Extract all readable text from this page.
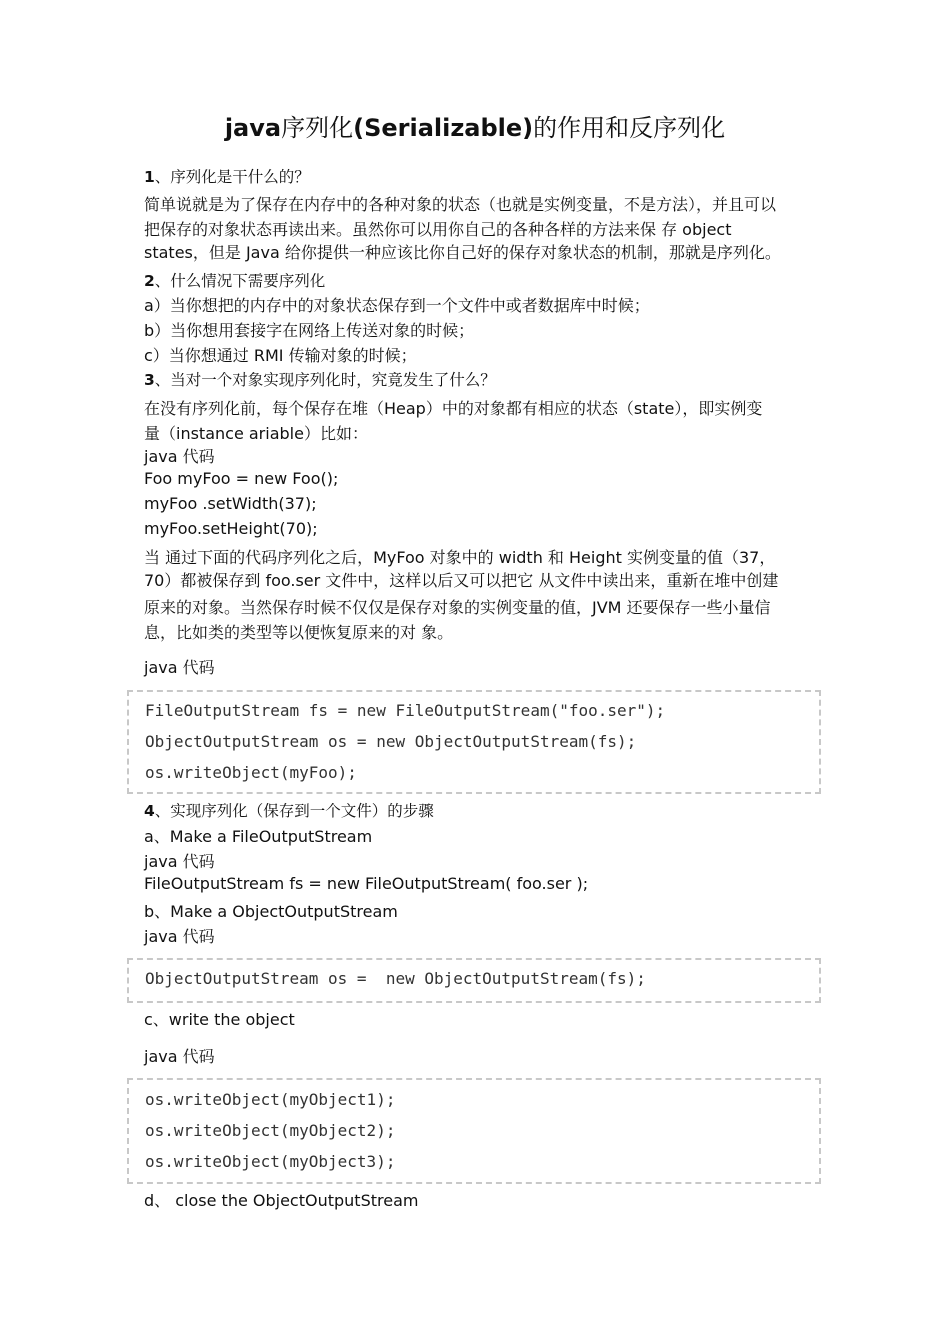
java序列化(Serializable)的作用和反序列化
1、序列化是干什么的？
简单说就是为了保存在内存中的各种对象的状态（也就是实例变量，不是方法），并且可以
把保存的对象状态再读出来。虽然你可以用你自己的各种各样的方法来保 存 object
states，但是 Java 给你提供一种应该比你自己好的保存对象状态的机制，那就是序列化。
2、什么情况下需要序列化
a）当你想把的内存中的对象状态保存到一个文件中或者数据库中时候；
b）当你想用套接字在网络上传送对象的时候；
c）当你想通过 RMI 传输对象的时候；
3、当对一个对象实现序列化时，究竟发生了什么？
在没有序列化前，每个保存在堆（Heap）中的对象都有相应的状态（state），即实例变
量（instance ariable）比如：
java 代码
Foo myFoo = new Foo();
myFoo .setWidth(37);
myFoo.setHeight(70);
当 通过下面的代码序列化之后，MyFoo 对象中的 width 和 Height 实例变量的值（37，
70）都被保存到 foo.ser 文件中，这样以后又可以把它 从文件中读出来，重新在堆中创建
原来的对象。当然保存时候不仅仅是保存对象的实例变量的值，JVM 还要保存一些小量信
息，比如类的类型等以便恢复原来的对 象。
java 代码
FileOutputStream fs = new FileOutputStream("foo.ser");
ObjectOutputStream os = new ObjectOutputStream(fs);
os.writeObject(myFoo);
4、实现序列化（保存到一个文件）的步骤
a、Make a FileOutputStream
java 代码
FileOutputStream fs = new FileOutputStream( foo.ser );
b、Make a ObjectOutputStream
java 代码
ObjectOutputStream os =  new ObjectOutputStream(fs);
c、write the object
java 代码
os.writeObject(myObject1);
os.writeObject(myObject2);
os.writeObject(myObject3);
d、 close the ObjectOutputStream
